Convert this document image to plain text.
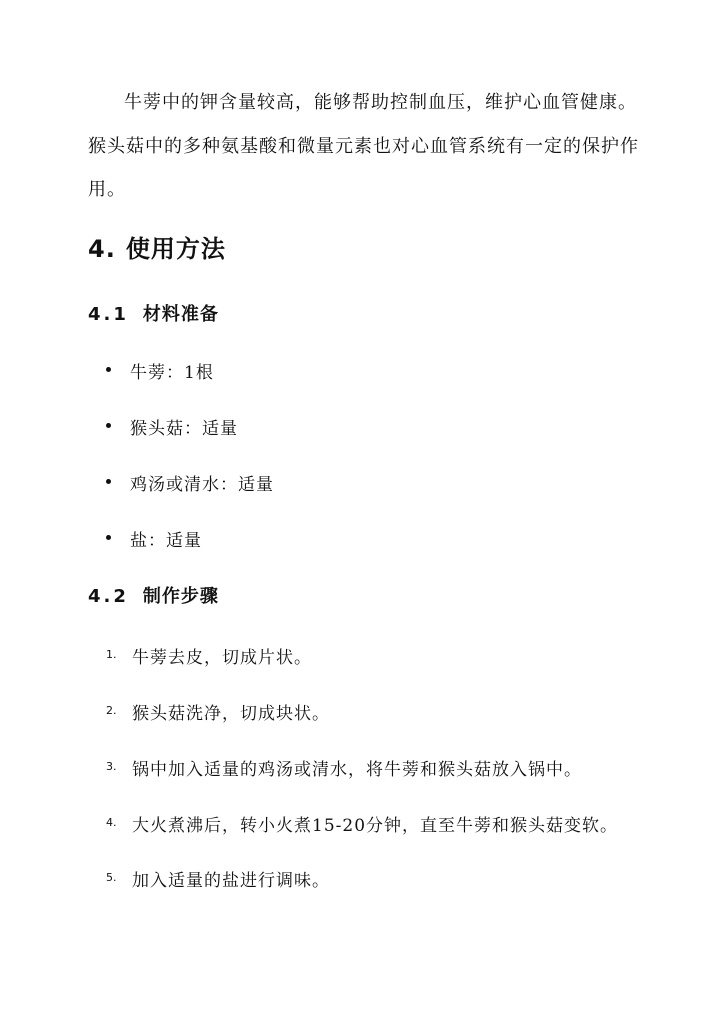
牛蒡中的钾含量较高，能够帮助控制血压，维护心血管健康。
猴头菇中的多种氨基酸和微量元素也对心血管系统有一定的保护作
用。
4. 使用方法
4.1 材料准备
牛蒡：1根
猴头菇：适量
鸡汤或清水：适量
盐：适量
4.2 制作步骤
1. 牛蒡去皮，切成片状。
2. 猴头菇洗净，切成块状。
3. 锅中加入适量的鸡汤或清水，将牛蒡和猴头菇放入锅中。
4. 大火煮沸后，转小火煮15-20分钟，直至牛蒡和猴头菇变软。
5. 加入适量的盐进行调味。
